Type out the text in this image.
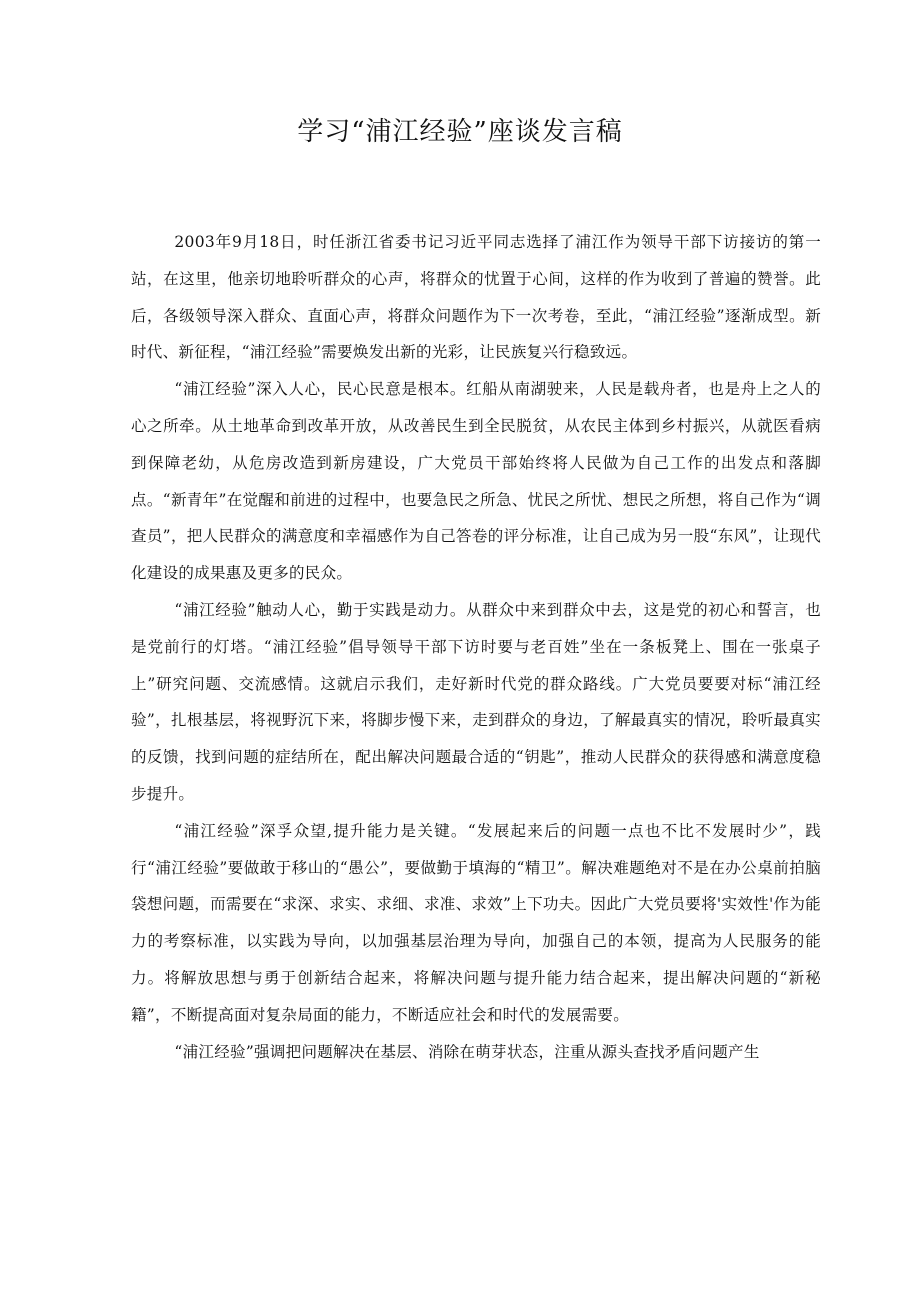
学习“浦江经验”座谈发言稿

2003年9月18日，时任浙江省委书记习近平同志选择了浦江作为领导干部下访接访的第一站，在这里，他亲切地聆听群众的心声，将群众的忧置于心间，这样的作为收到了普遍的赞誉。此后，各级领导深入群众、直面心声，将群众问题作为下一次考卷，至此，“浦江经验”逐渐成型。新时代、新征程，“浦江经验”需要焕发出新的光彩，让民族复兴行稳致远。

“浦江经验”深入人心，民心民意是根本。红船从南湖驶来，人民是载舟者，也是舟上之人的心之所牵。从土地革命到改革开放，从改善民生到全民脱贫，从农民主体到乡村振兴，从就医看病到保障老幼，从危房改造到新房建设，广大党员干部始终将人民做为自己工作的出发点和落脚点。“新青年”在觉醒和前进的过程中，也要急民之所急、忧民之所忧、想民之所想，将自己作为“调查员”，把人民群众的满意度和幸福感作为自己答卷的评分标准，让自己成为另一股“东风”，让现代化建设的成果惠及更多的民众。

“浦江经验”触动人心，勤于实践是动力。从群众中来到群众中去，这是党的初心和誓言，也是党前行的灯塔。“浦江经验”倡导领导干部下访时要与老百姓”坐在一条板凳上、围在一张桌子上”研究问题、交流感情。这就启示我们，走好新时代党的群众路线。广大党员要要对标“浦江经验”，扎根基层，将视野沉下来，将脚步慢下来，走到群众的身边，了解最真实的情况，聆听最真实的反馈，找到问题的症结所在，配出解决问题最合适的“钥匙”，推动人民群众的获得感和满意度稳步提升。

“浦江经验”深孚众望,提升能力是关键。“发展起来后的问题一点也不比不发展时少”，践行“浦江经验”要做敢于移山的“愚公”，要做勤于填海的“精卫”。解决难题绝对不是在办公桌前拍脑袋想问题，而需要在“求深、求实、求细、求准、求效”上下功夫。因此广大党员要将'实效性'作为能力的考察标准，以实践为导向，以加强基层治理为导向，加强自己的本领，提高为人民服务的能力。将解放思想与勇于创新结合起来，将解决问题与提升能力结合起来，提出解决问题的“新秘籍”，不断提高面对复杂局面的能力，不断适应社会和时代的发展需要。

“浦江经验”强调把问题解决在基层、消除在萌芽状态，注重从源头查找矛盾问题产生
